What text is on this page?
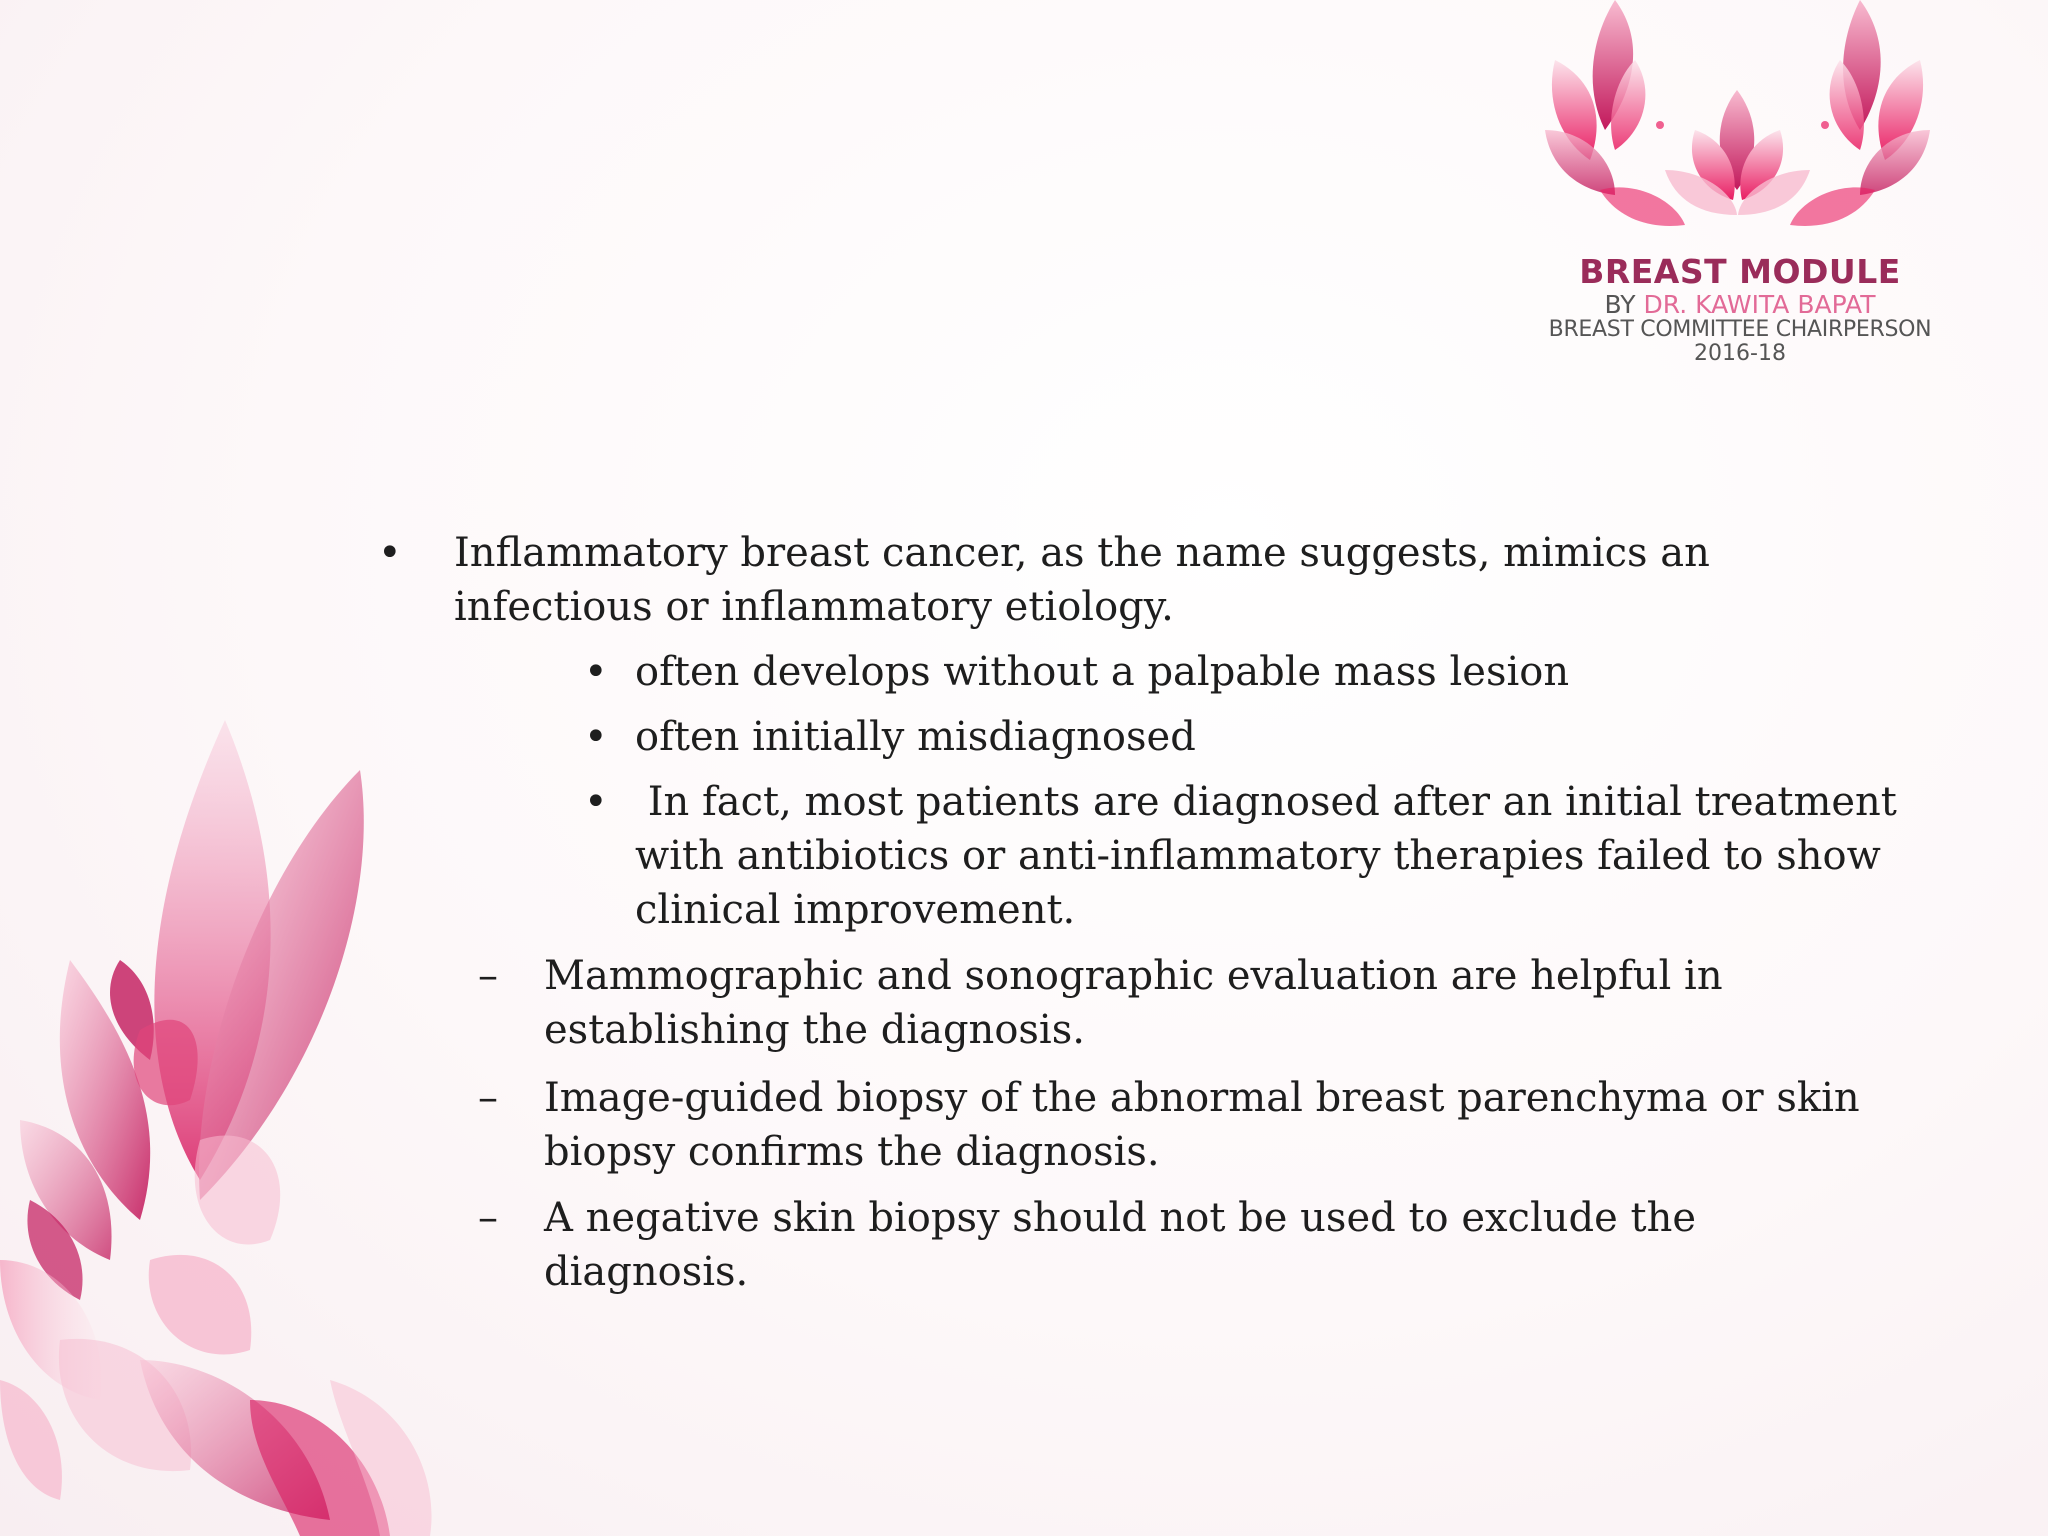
BREAST MODULE
BY DR. KAWITA BAPAT
BREAST COMMITTEE CHAIRPERSON
2016-18
• Inflammatory breast cancer, as the name suggests, mimics an
infectious or inflammatory etiology.
• often develops without a palpable mass lesion
• often initially misdiagnosed
• In fact, most patients are diagnosed after an initial treatment
with antibiotics or anti-inflammatory therapies failed to show
clinical improvement.
– Mammographic and sonographic evaluation are helpful in
establishing the diagnosis.
– Image-guided biopsy of the abnormal breast parenchyma or skin
biopsy confirms the diagnosis.
– A negative skin biopsy should not be used to exclude the
diagnosis.
